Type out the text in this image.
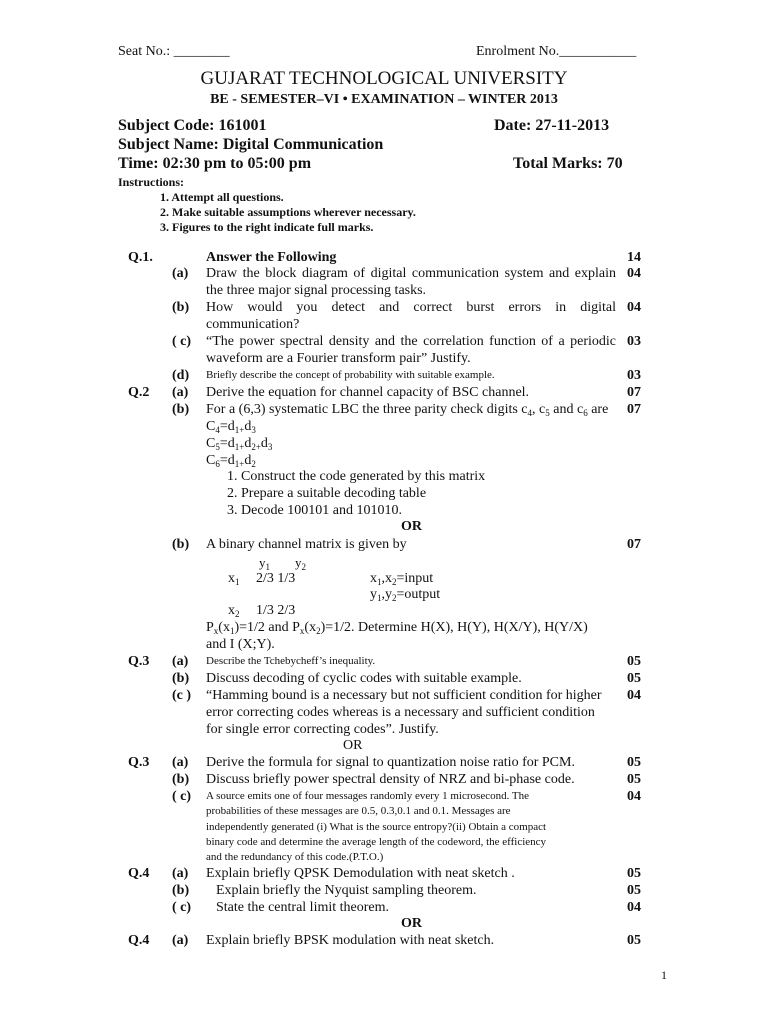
Seat No.: ________	Enrolment No.___________
GUJARAT TECHNOLOGICAL UNIVERSITY
BE - SEMESTER–VI • EXAMINATION – WINTER 2013
Subject Code: 161001	Date: 27-11-2013
Subject Name: Digital Communication
Time: 02:30 pm to 05:00 pm	Total Marks: 70
Instructions:
1. Attempt all questions.
2. Make suitable assumptions wherever necessary.
3. Figures to the right indicate full marks.
Q.1.	Answer the Following	14
(a) Draw the block diagram of digital communication system and explain 04
the three major signal processing tasks.
(b) How would you detect and correct burst errors in digital 04
communication?
( c) “The power spectral density and the correlation function of a periodic 03
waveform are a Fourier transform pair” Justify.
(d) Briefly describe the concept of probability with suitable example.	03
Q.2 (a) Derive the equation for channel capacity of BSC channel.	07
(b) For a (6,3) systematic LBC the three parity check digits $c_4$, $c_5$ and $c_6$ are 07
$C_4=d_{1+}d_3$
$C_5=d_{1+}d_{2+}d_3$
$C_6=d_{1+}d_2$
1. Construct the code generated by this matrix
2. Prepare a suitable decoding table
3. Decode 100101 and 101010.
OR
(b) A binary channel matrix is given by	07
$y_1$ $y_2$
$x_1$ 2/3 1/3	$x_1,x_2=input$
$y_1,y_2=output$
$x_2$ 1/3 2/3
$P_x(x_1)=1/2$ and $P_x(x_2)=1/2$. Determine H(X), H(Y), H(X/Y), H(Y/X)
and I (X;Y).
Q.3 (a) Describe the Tchebycheff’s inequality.	05
(b) Discuss decoding of cyclic codes with suitable example.	05
(c ) “Hamming bound is a necessary but not sufficient condition for higher 04
error correcting codes whereas is a necessary and sufficient condition
for single error correcting codes”. Justify.
OR
Q.3 (a) Derive the formula for signal to quantization noise ratio for PCM.	05
(b) Discuss briefly power spectral density of NRZ and bi-phase code.	05
( c) A source emits one of four messages randomly every 1 microsecond. The	04
probabilities of these messages are 0.5, 0.3,0.1 and 0.1. Messages are
independently generated (i) What is the source entropy?(ii) Obtain a compact
binary code and determine the average length of the codeword, the efficiency
and the redundancy of this code.(P.T.O.)
Q.4 (a) Explain briefly QPSK Demodulation with neat sketch .	05
(b) Explain briefly the Nyquist sampling theorem.	05
( c) State the central limit theorem.	04
OR
Q.4 (a) Explain briefly BPSK modulation with neat sketch.	05
1
